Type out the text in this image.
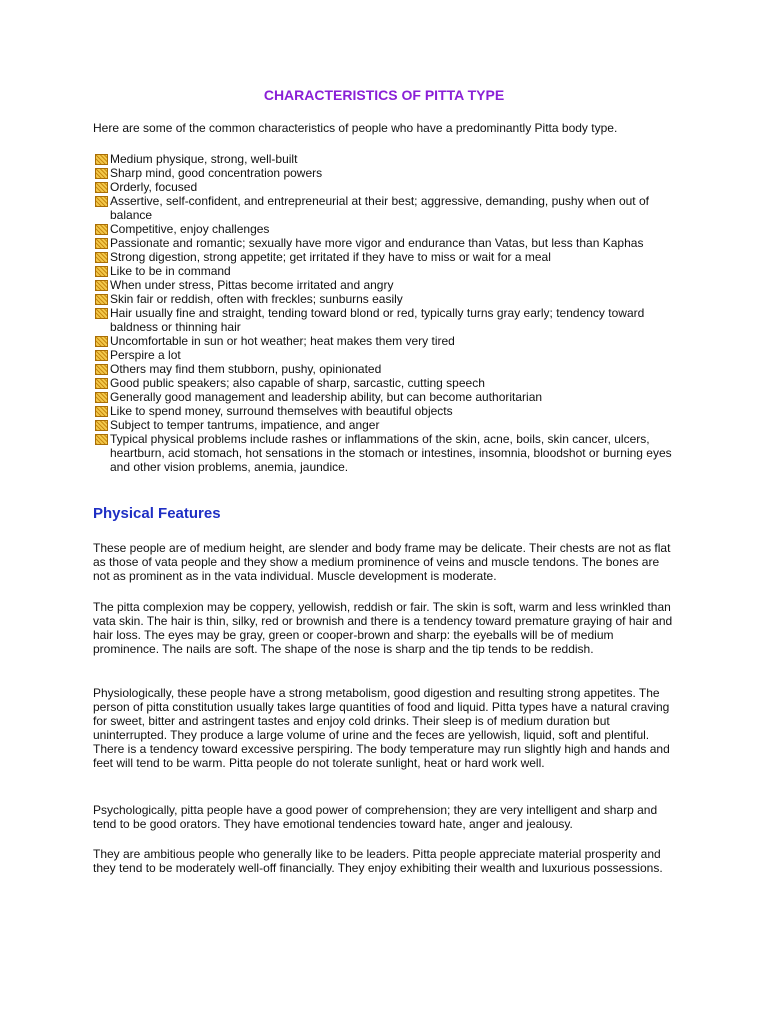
CHARACTERISTICS OF PITTA TYPE

Here are some of the common characteristics of people who have a predominantly Pitta body type.

Medium physique, strong, well-built
Sharp mind, good concentration powers
Orderly, focused
Assertive, self-confident, and entrepreneurial at their best; aggressive, demanding, pushy when out of balance
Competitive, enjoy challenges
Passionate and romantic; sexually have more vigor and endurance than Vatas, but less than Kaphas
Strong digestion, strong appetite; get irritated if they have to miss or wait for a meal
Like to be in command
When under stress, Pittas become irritated and angry
Skin fair or reddish, often with freckles; sunburns easily
Hair usually fine and straight, tending toward blond or red, typically turns gray early; tendency toward baldness or thinning hair
Uncomfortable in sun or hot weather; heat makes them very tired
Perspire a lot
Others may find them stubborn, pushy, opinionated
Good public speakers; also capable of sharp, sarcastic, cutting speech
Generally good management and leadership ability, but can become authoritarian
Like to spend money, surround themselves with beautiful objects
Subject to temper tantrums, impatience, and anger
Typical physical problems include rashes or inflammations of the skin, acne, boils, skin cancer, ulcers, heartburn, acid stomach, hot sensations in the stomach or intestines, insomnia, bloodshot or burning eyes and other vision problems, anemia, jaundice.
Physical Features

These people are of medium height, are slender and body frame may be delicate. Their chests are not as flat as those of vata people and they show a medium prominence of veins and muscle tendons. The bones are not as prominent as in the vata individual. Muscle development is moderate.

The pitta complexion may be coppery, yellowish, reddish or fair. The skin is soft, warm and less wrinkled than vata skin. The hair is thin, silky, red or brownish and there is a tendency toward premature graying of hair and hair loss. The eyes may be gray, green or cooper-brown and sharp: the eyeballs will be of medium prominence. The nails are soft. The shape of the nose is sharp and the tip tends to be reddish.

Physiologically, these people have a strong metabolism, good digestion and resulting strong appetites. The person of pitta constitution usually takes large quantities of food and liquid. Pitta types have a natural craving for sweet, bitter and astringent tastes and enjoy cold drinks. Their sleep is of medium duration but uninterrupted. They produce a large volume of urine and the feces are yellowish, liquid, soft and plentiful. There is a tendency toward excessive perspiring. The body temperature may run slightly high and hands and feet will tend to be warm. Pitta people do not tolerate sunlight, heat or hard work well.

Psychologically, pitta people have a good power of comprehension; they are very intelligent and sharp and tend to be good orators. They have emotional tendencies toward hate, anger and jealousy.

They are ambitious people who generally like to be leaders. Pitta people appreciate material prosperity and they tend to be moderately well-off financially. They enjoy exhibiting their wealth and luxurious possessions.
